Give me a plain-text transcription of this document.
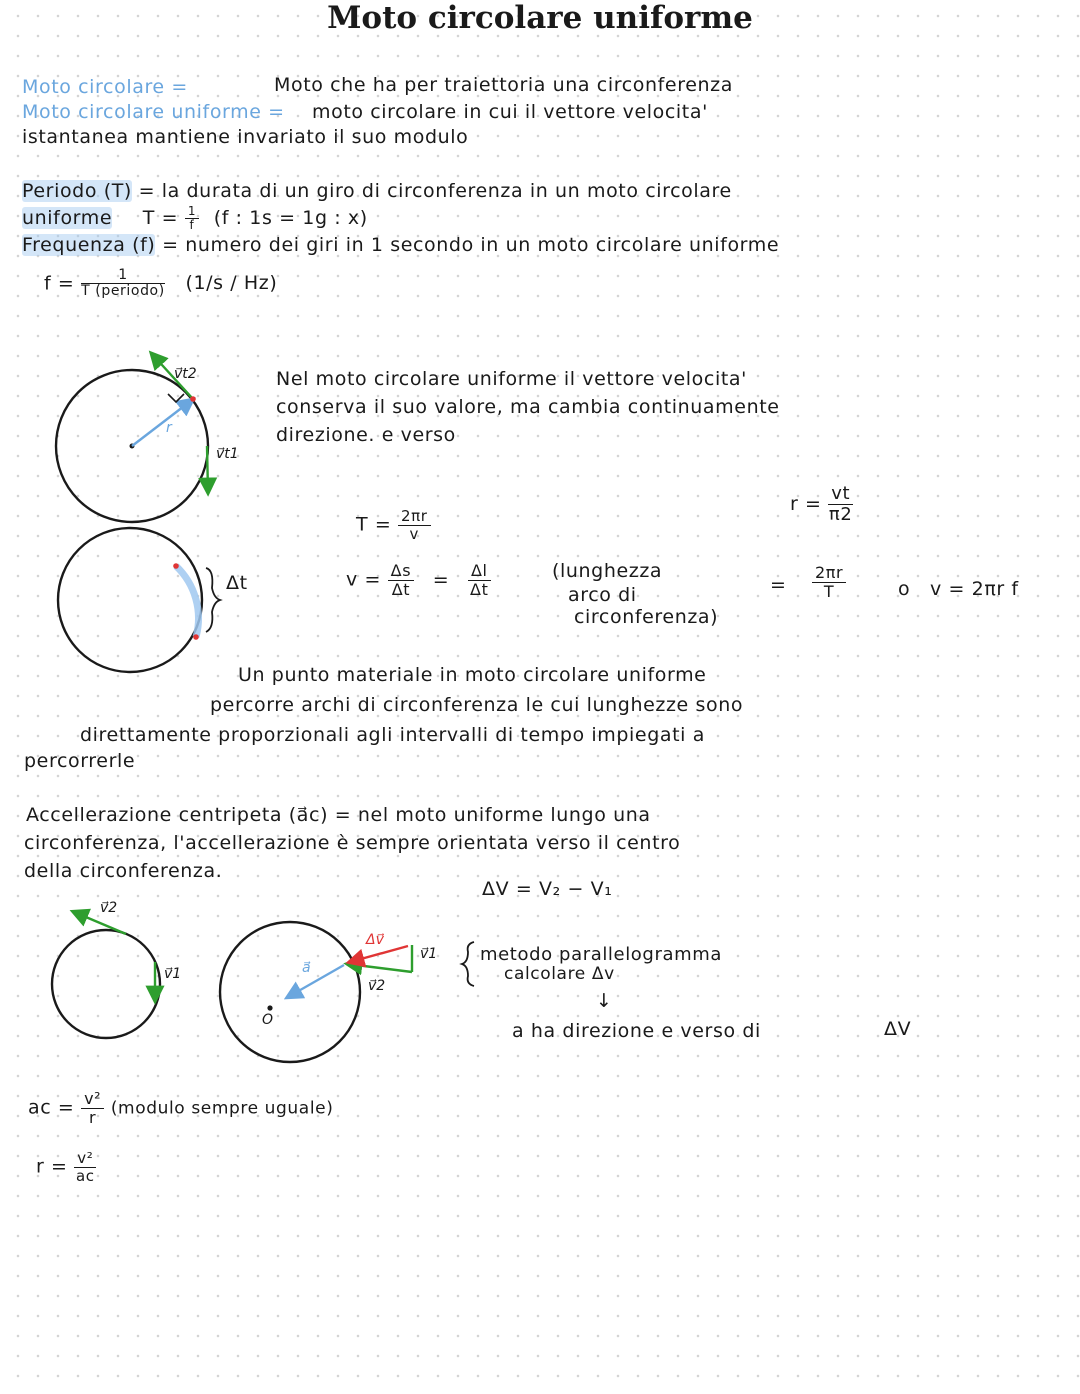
Moto circolare uniforme
Moto circolare =	Moto che ha per traiettoria una circonferenza
Moto circolare uniforme = moto circolare in cui il vettore velocita'
istantanea mantiene invariato il suo modulo
Periodo (T) = la durata di un giro di circonferenza in un moto circolare
uniforme $T = \frac{1}{f} (f$ : 1s = 1g : x)
Frequenza (f) = numero dei giri in 1 secondo in un moto circolare uniforme
$f = \frac{1}{\text{T (periodo)}} (1/s / Hz)$
Nel moto circolare uniforme il vettore velocita'
conserva il suo valore, ma cambia continuamente
direzione. e verso
v⃗t2
v⃗t1
r
Δt
v⃗2
v⃗1	a⃗
O
Δv⃗
v⃗1
v⃗2
$T = \frac{2\pi r}{v}$
$v = \frac{\Delta s}{\Delta t} = \frac{\Delta l}{\Delta t}$	(lunghezza
arco di
circonferenza)
= $\frac{2\pi r}{T}$	o v = 2πr f
$r = \frac{vt}{\pi 2}$
Un punto materiale in moto circolare uniforme
percorre archi di circonferenza le cui lunghezze sono
direttamente proporzionali agli intervalli di tempo impiegati a
percorrerle
Accellerazione centripeta (a⃗c) = nel moto uniforme lungo una
circonferenza, l'accellerazione è sempre orientata verso il centro
della circonferenza.
ΔV = V₂ − V₁
metodo parallelogramma
calcolare Δv
↓
a ha direzione e verso di	ΔV
ac = $\frac{\text{v²}}{r}$ (modulo sempre uguale)
$r = \frac{\text{v²}}{ac}$
